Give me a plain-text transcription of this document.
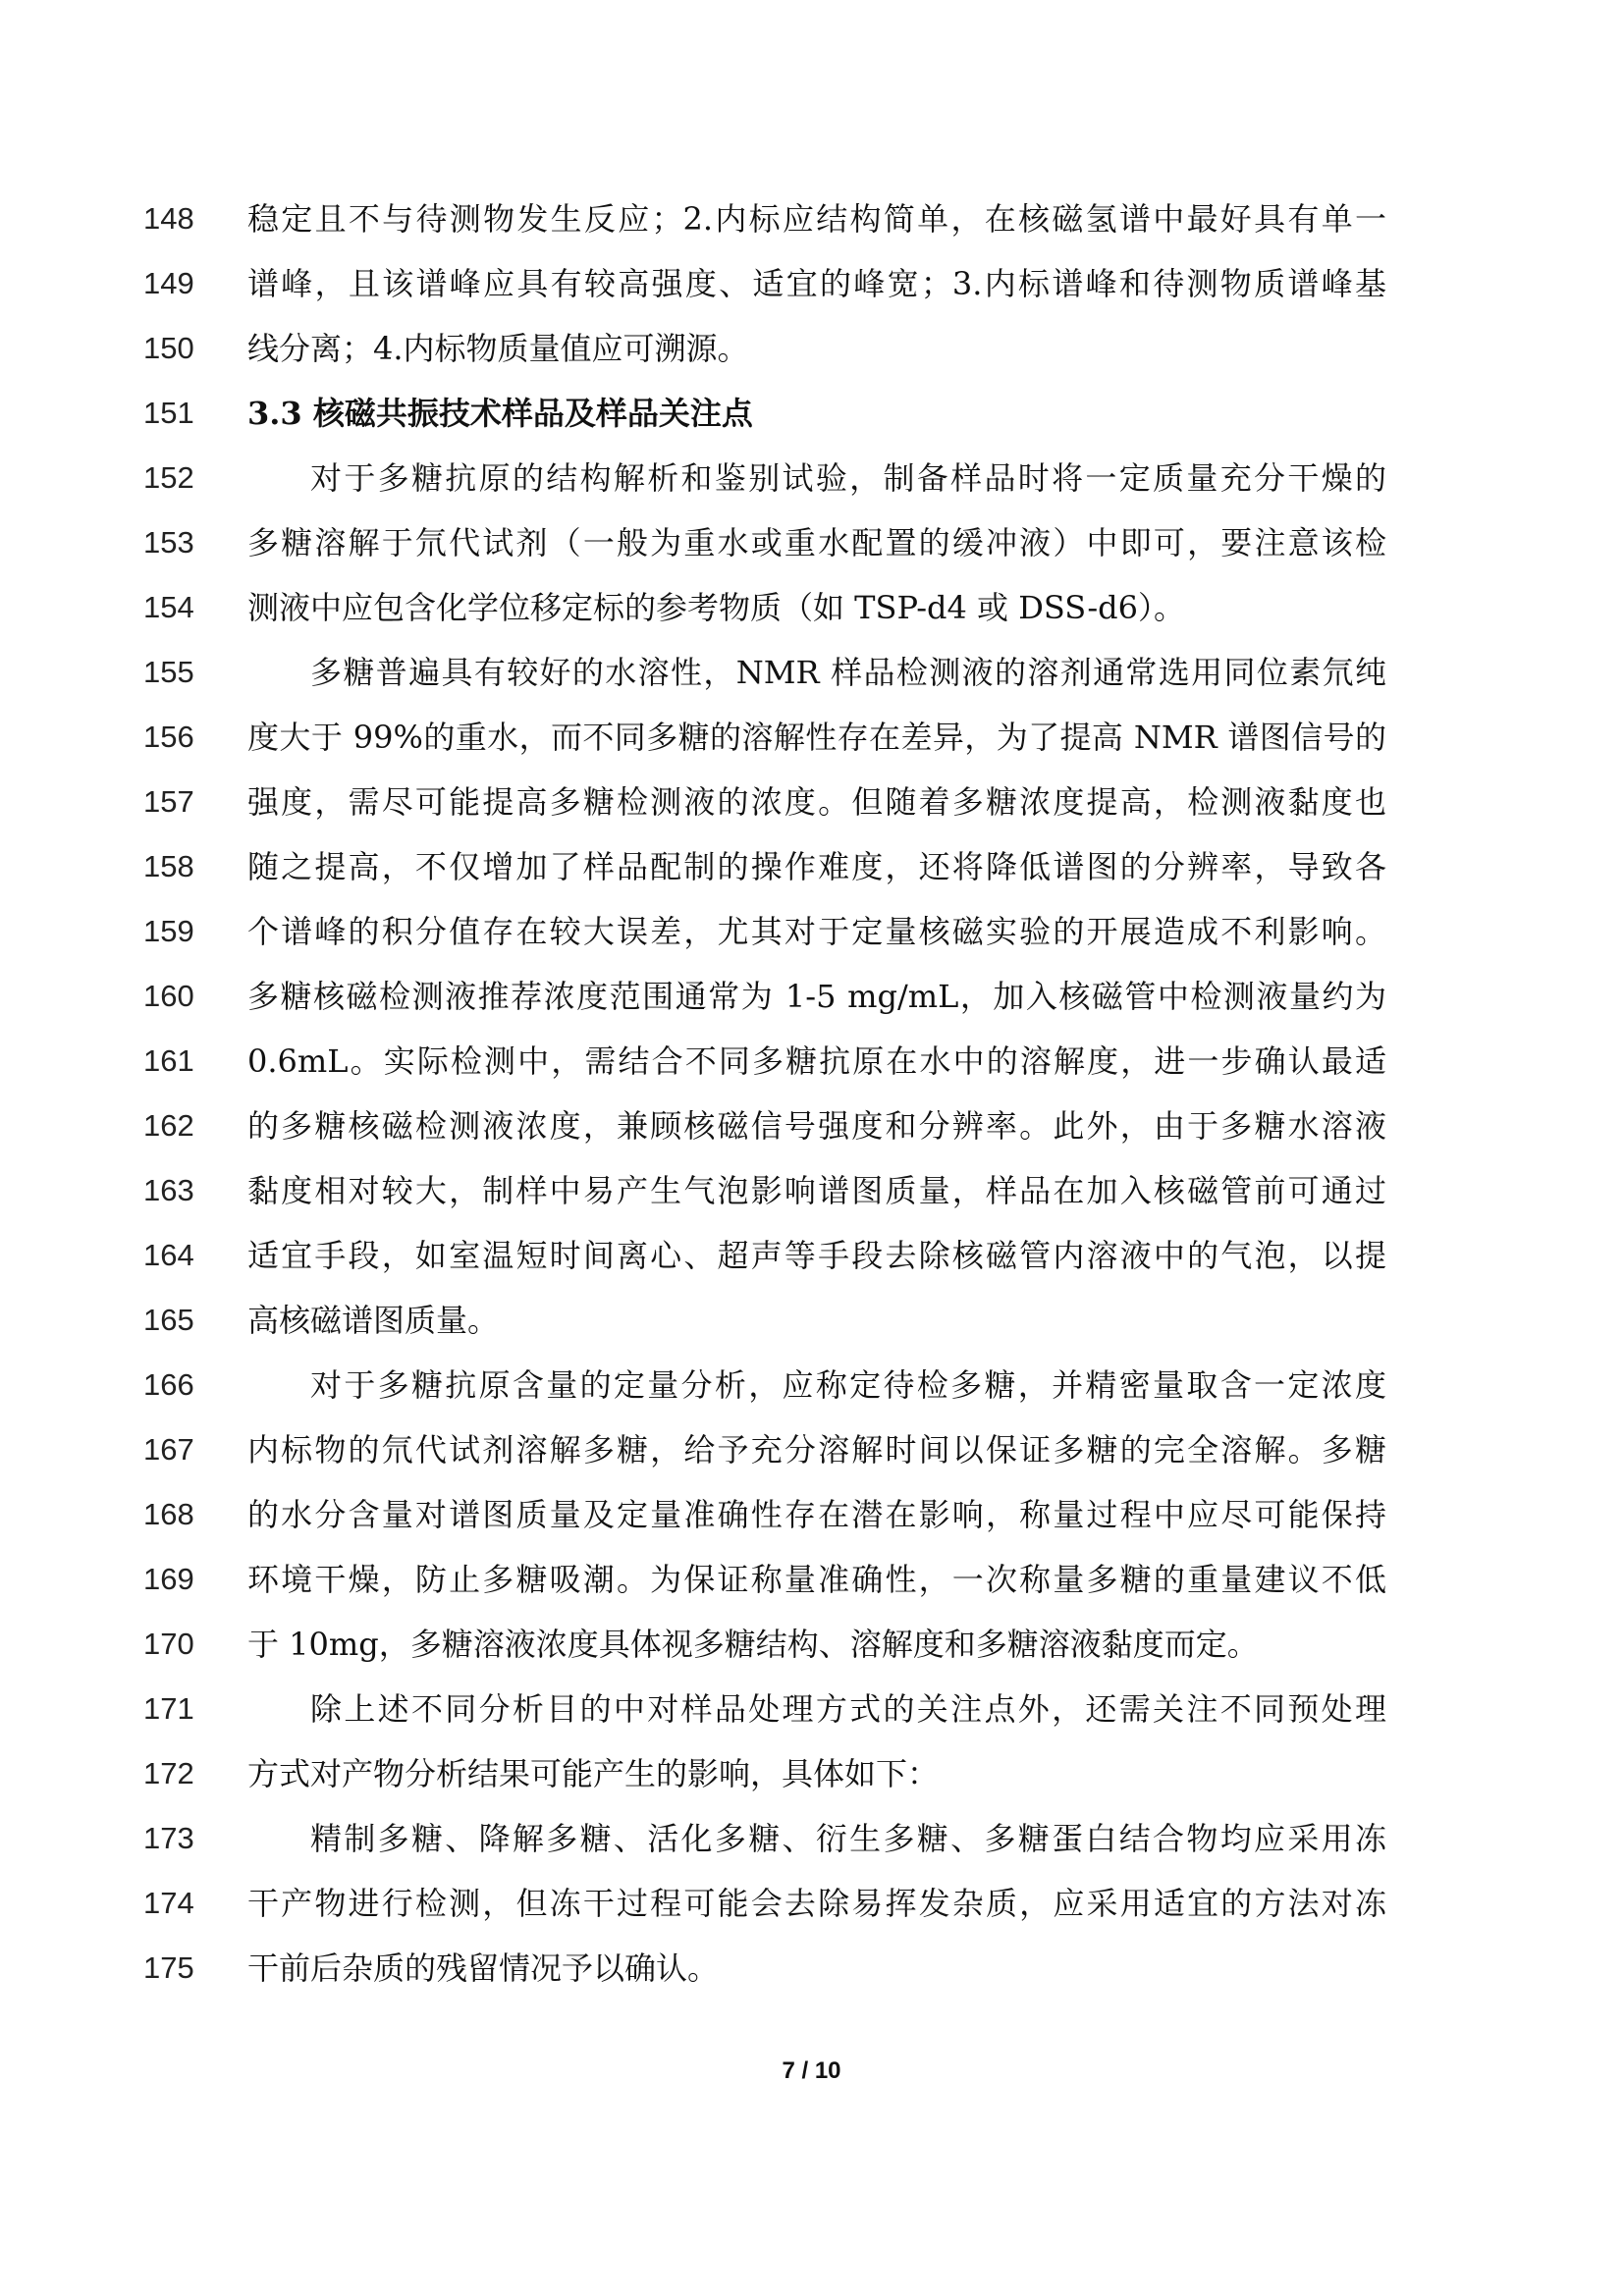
148 稳定且不与待测物发生反应；2.内标应结构简单，在核磁氢谱中最好具有单一
149 谱峰，且该谱峰应具有较高强度、适宜的峰宽；3.内标谱峰和待测物质谱峰基
150 线分离；4.内标物质量值应可溯源。
151 3.3 核磁共振技术样品及样品关注点
152	对于多糖抗原的结构解析和鉴别试验，制备样品时将一定质量充分干燥的
153 多糖溶解于氘代试剂（一般为重水或重水配置的缓冲液）中即可，要注意该检
154 测液中应包含化学位移定标的参考物质（如 TSP-d4 或 DSS-d6）。
155	多糖普遍具有较好的水溶性，NMR 样品检测液的溶剂通常选用同位素氘纯
156 度大于 99%的重水，而不同多糖的溶解性存在差异，为了提高 NMR 谱图信号的
157 强度，需尽可能提高多糖检测液的浓度。但随着多糖浓度提高，检测液黏度也
158 随之提高，不仅增加了样品配制的操作难度，还将降低谱图的分辨率，导致各
159 个谱峰的积分值存在较大误差，尤其对于定量核磁实验的开展造成不利影响。
160 多糖核磁检测液推荐浓度范围通常为 1-5 mg/mL，加入核磁管中检测液量约为
161 0.6mL。实际检测中，需结合不同多糖抗原在水中的溶解度，进一步确认最适
162 的多糖核磁检测液浓度，兼顾核磁信号强度和分辨率。此外，由于多糖水溶液
163 黏度相对较大，制样中易产生气泡影响谱图质量，样品在加入核磁管前可通过
164 适宜手段，如室温短时间离心、超声等手段去除核磁管内溶液中的气泡，以提
165 高核磁谱图质量。
166	对于多糖抗原含量的定量分析，应称定待检多糖，并精密量取含一定浓度
167 内标物的氘代试剂溶解多糖，给予充分溶解时间以保证多糖的完全溶解。多糖
168 的水分含量对谱图质量及定量准确性存在潜在影响，称量过程中应尽可能保持
169 环境干燥，防止多糖吸潮。为保证称量准确性，一次称量多糖的重量建议不低
170 于 10mg，多糖溶液浓度具体视多糖结构、溶解度和多糖溶液黏度而定。
171	除上述不同分析目的中对样品处理方式的关注点外，还需关注不同预处理
172 方式对产物分析结果可能产生的影响，具体如下：
173	精制多糖、降解多糖、活化多糖、衍生多糖、多糖蛋白结合物均应采用冻
174 干产物进行检测，但冻干过程可能会去除易挥发杂质，应采用适宜的方法对冻
175 干前后杂质的残留情况予以确认。
7 / 10
